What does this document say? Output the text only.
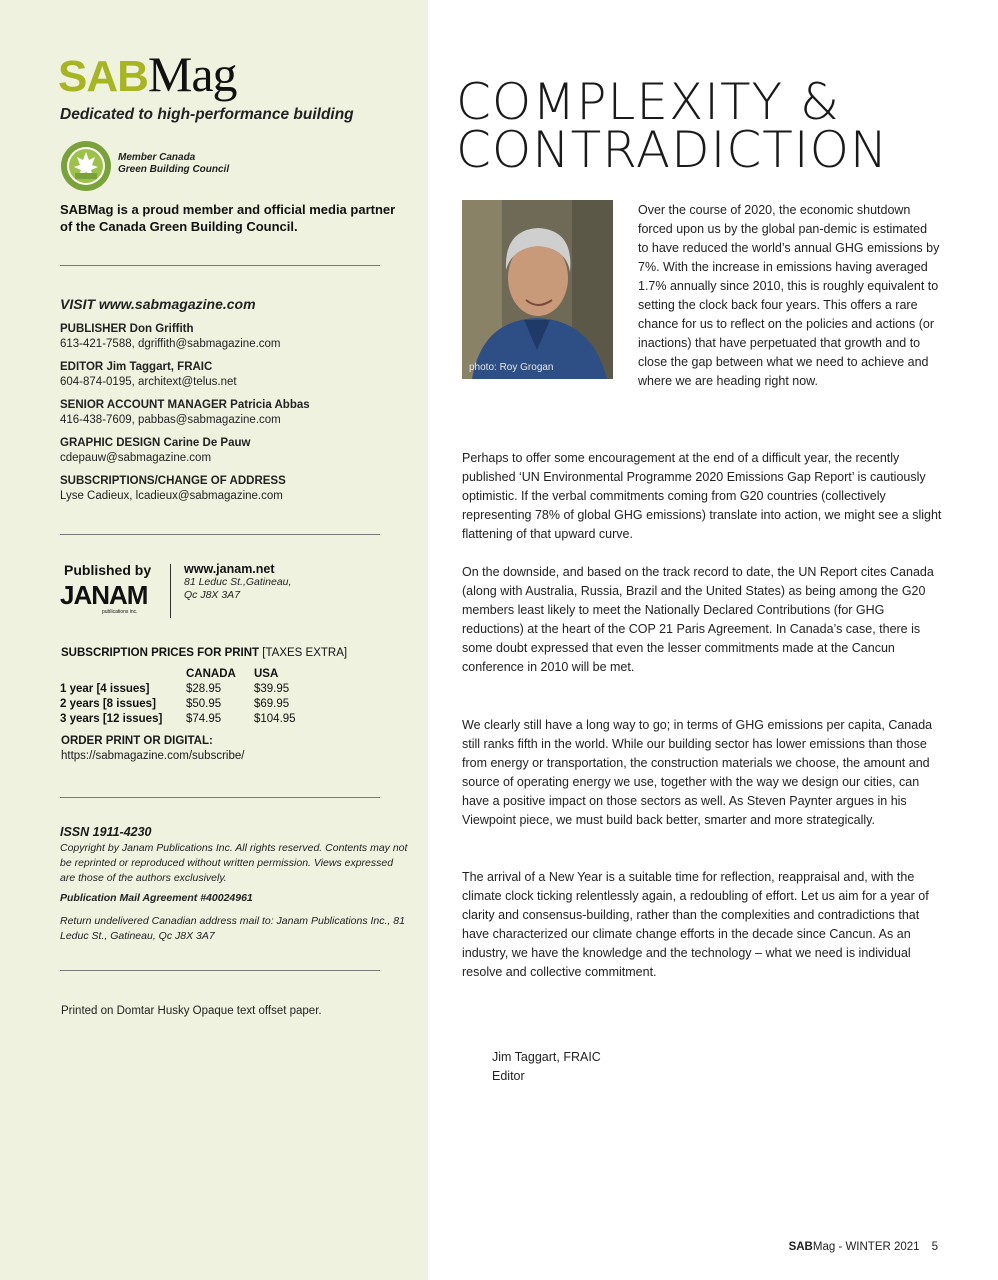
SABMag
Dedicated to high-performance building
Member Canada
Green Building Council
SABMag is a proud member and official media partner of the Canada Green Building Council.
VISIT www.sabmagazine.com
PUBLISHER Don Griffith
613-421-7588, dgriffith@sabmagazine.com
EDITOR Jim Taggart, FRAIC
604-874-0195, architext@telus.net
SENIOR ACCOUNT MANAGER Patricia Abbas
416-438-7609, pabbas@sabmagazine.com
GRAPHIC DESIGN Carine De Pauw
cdepauw@sabmagazine.com
SUBSCRIPTIONS/CHANGE OF ADDRESS
Lyse Cadieux, lcadieux@sabmagazine.com
Published by
JANAM
publications inc.
www.janam.net
81 Leduc St.,Gatineau,
Qc J8X 3A7
SUBSCRIPTION PRICES FOR PRINT [TAXES EXTRA]
	CANADA	USA
1 year [4 issues]	$28.95	$39.95
2 years [8 issues]	$50.95	$69.95
3 years [12 issues]	$74.95	$104.95
ORDER PRINT OR DIGITAL:
https://sabmagazine.com/subscribe/
ISSN 1911-4230
Copyright by Janam Publications Inc. All rights reserved. Contents may not be reprinted or reproduced without written permission. Views expressed are those of the authors exclusively.
Publication Mail Agreement #40024961
Return undelivered Canadian address mail to: Janam Publications Inc., 81 Leduc St., Gatineau, Qc J8X 3A7
Printed on Domtar Husky Opaque text offset paper.
COMPLEXITY &
CONTRADICTION
photo: Roy Grogan
Over the course of 2020, the economic shutdown forced upon us by the global pan-demic is estimated to have reduced the world’s annual GHG emissions by 7%. With the increase in emissions having averaged 1.7% annually since 2010, this is roughly equivalent to setting the clock back four years. This offers a rare chance for us to reflect on the policies and actions (or inactions) that have perpetuated that growth and to close the gap between what we need to achieve and where we are heading right now.
Perhaps to offer some encouragement at the end of a difficult year, the recently published ‘UN Environmental Programme 2020 Emissions Gap Report’ is cautiously optimistic. If the verbal commitments coming from G20 countries (collectively representing 78% of global GHG emissions) translate into action, we might see a slight flattening of that upward curve.
On the downside, and based on the track record to date, the UN Report cites Canada (along with Australia, Russia, Brazil and the United States) as being among the G20 members least likely to meet the Nationally Declared Contributions (for GHG reductions) at the heart of the COP 21 Paris Agreement. In Canada’s case, there is some doubt expressed that even the lesser commitments made at the Cancun conference in 2010 will be met.
We clearly still have a long way to go; in terms of GHG emissions per capita, Canada still ranks fifth in the world. While our building sector has lower emissions than those from energy or transportation, the construction materials we choose, the amount and source of operating energy we use, together with the way we design our cities, can have a positive impact on those sectors as well. As Steven Paynter argues in his Viewpoint piece, we must build back better, smarter and more strategically.
The arrival of a New Year is a suitable time for reflection, reappraisal and, with the climate clock ticking relentlessly again, a redoubling of effort. Let us aim for a year of clarity and consensus-building, rather than the complexities and contradictions that have characterized our climate change efforts in the decade since Cancun. As an industry, we have the knowledge and the technology – what we need is individual resolve and collective commitment.
Jim Taggart, FRAIC
Editor
SABMag - WINTER 2021 5
